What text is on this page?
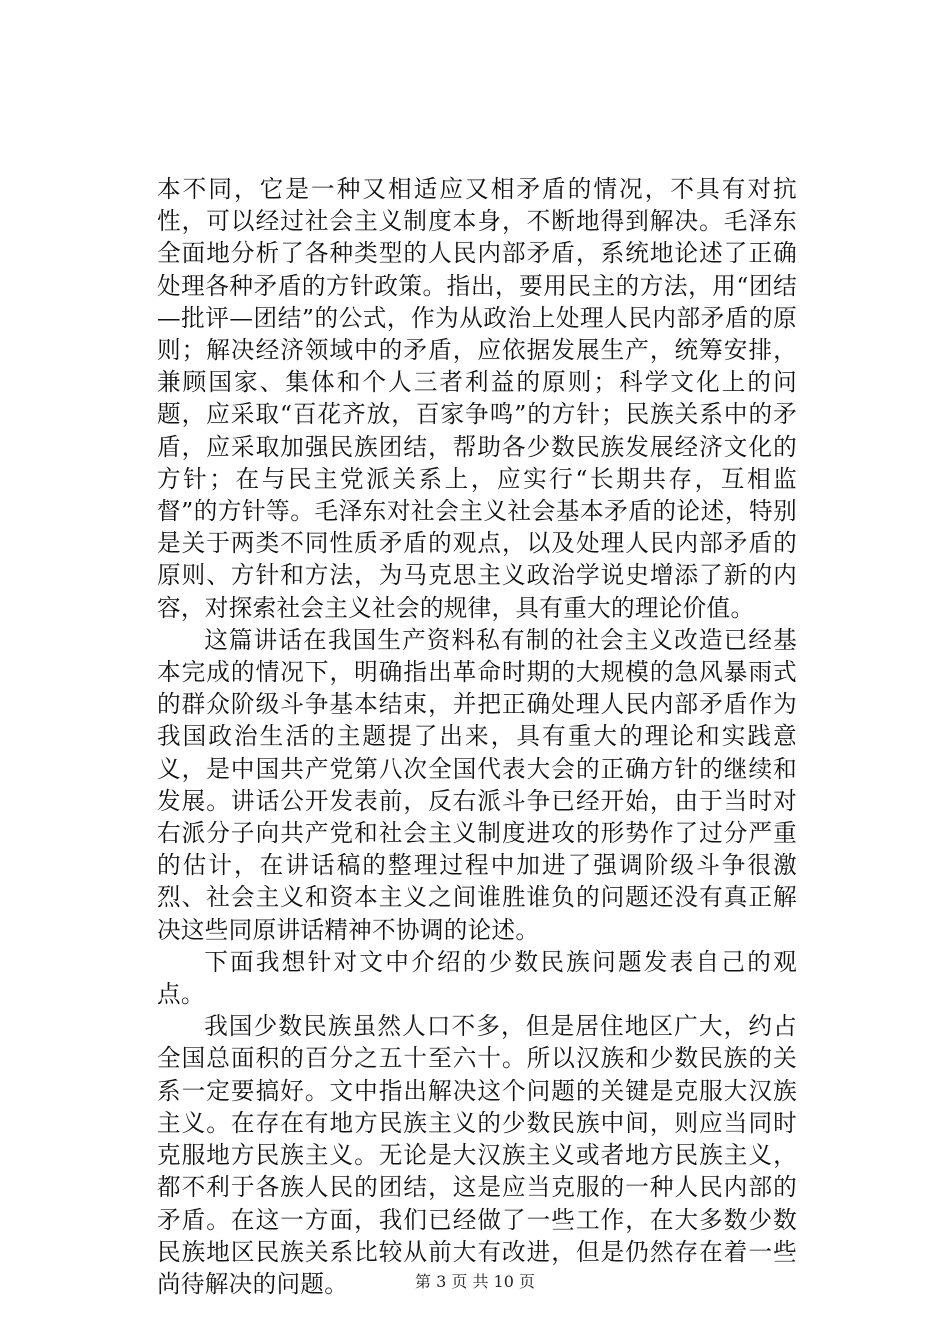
本不同，它是一种又相适应又相矛盾的情况，不具有对抗性，可以经过社会主义制度本身，不断地得到解决。毛泽东全面地分析了各种类型的人民内部矛盾，系统地论述了正确处理各种矛盾的方针政策。指出，要用民主的方法，用“团结—批评—团结”的公式，作为从政治上处理人民内部矛盾的原则；解决经济领域中的矛盾，应依据发展生产，统筹安排，兼顾国家、集体和个人三者利益的原则；科学文化上的问题，应采取“百花齐放，百家争鸣”的方针；民族关系中的矛盾，应采取加强民族团结，帮助各少数民族发展经济文化的方针；在与民主党派关系上，应实行“长期共存，互相监督”的方针等。毛泽东对社会主义社会基本矛盾的论述，特别是关于两类不同性质矛盾的观点，以及处理人民内部矛盾的原则、方针和方法，为马克思主义政治学说史增添了新的内容，对探索社会主义社会的规律，具有重大的理论价值。

这篇讲话在我国生产资料私有制的社会主义改造已经基本完成的情况下，明确指出革命时期的大规模的急风暴雨式的群众阶级斗争基本结束，并把正确处理人民内部矛盾作为我国政治生活的主题提了出来，具有重大的理论和实践意义，是中国共产党第八次全国代表大会的正确方针的继续和发展。讲话公开发表前，反右派斗争已经开始，由于当时对右派分子向共产党和社会主义制度进攻的形势作了过分严重的估计，在讲话稿的整理过程中加进了强调阶级斗争很激烈、社会主义和资本主义之间谁胜谁负的问题还没有真正解决这些同原讲话精神不协调的论述。

下面我想针对文中介绍的少数民族问题发表自己的观点。

我国少数民族虽然人口不多，但是居住地区广大，约占全国总面积的百分之五十至六十。所以汉族和少数民族的关系一定要搞好。文中指出解决这个问题的关键是克服大汉族主义。在存在有地方民族主义的少数民族中间，则应当同时克服地方民族主义。无论是大汉族主义或者地方民族主义，都不利于各族人民的团结，这是应当克服的一种人民内部的矛盾。在这一方面，我们已经做了一些工作，在大多数少数民族地区民族关系比较从前大有改进，但是仍然存在着一些尚待解决的问题。	第 3 页 共 10 页
